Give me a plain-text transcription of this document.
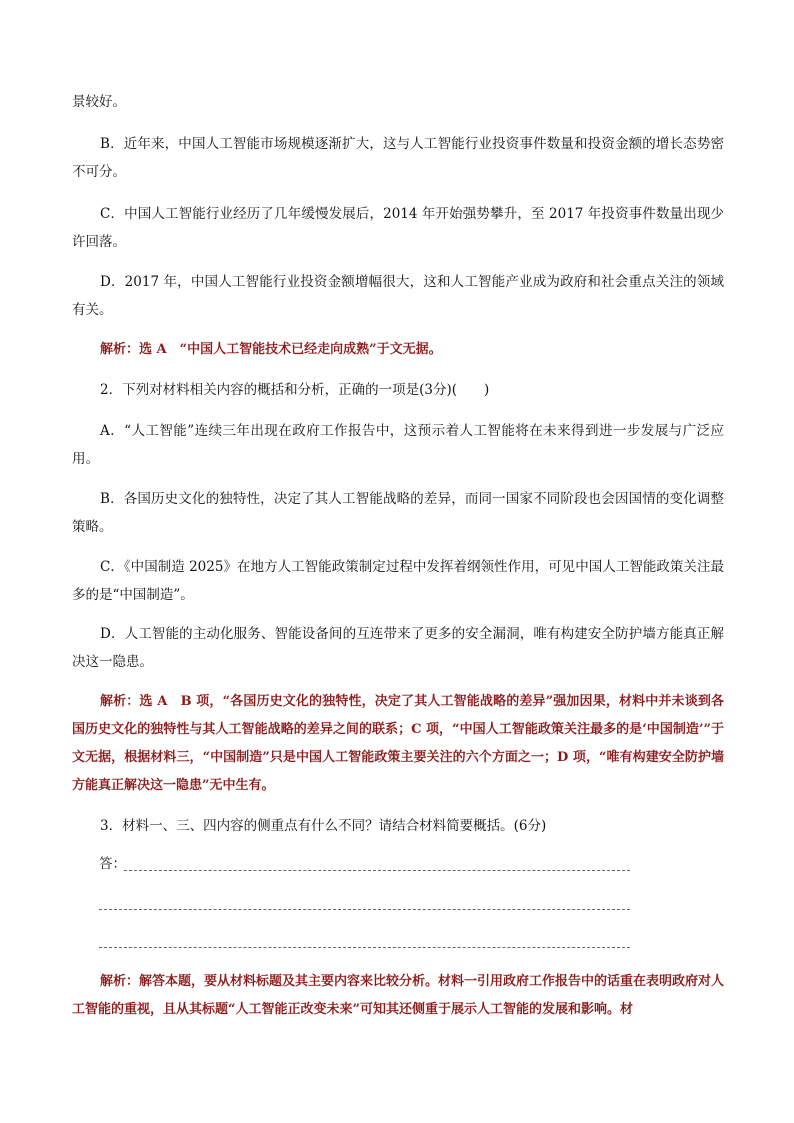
景较好。

B．近年来，中国人工智能市场规模逐渐扩大，这与人工智能行业投资事件数量和投资金额的增长态势密不可分。

C．中国人工智能行业经历了几年缓慢发展后，2014 年开始强势攀升，至 2017 年投资事件数量出现少许回落。

D．2017 年，中国人工智能行业投资金额增幅很大，这和人工智能产业成为政府和社会重点关注的领域有关。

解析：选 A　“中国人工智能技术已经走向成熟”于文无据。

2．下列对材料相关内容的概括和分析，正确的一项是(3分)(　　)

A．“人工智能”连续三年出现在政府工作报告中，这预示着人工智能将在未来得到进一步发展与广泛应用。

B．各国历史文化的独特性，决定了其人工智能战略的差异，而同一国家不同阶段也会因国情的变化调整策略。

C．《中国制造 2025》在地方人工智能政策制定过程中发挥着纲领性作用，可见中国人工智能政策关注最多的是“中国制造”。

D．人工智能的主动化服务、智能设备间的互连带来了更多的安全漏洞，唯有构建安全防护墙方能真正解决这一隐患。

解析：选 A　B 项，“各国历史文化的独特性，决定了其人工智能战略的差异”强加因果，材料中并未谈到各国历史文化的独特性与其人工智能战略的差异之间的联系；C 项，“中国人工智能政策关注最多的是‘中国制造’”于文无据，根据材料三，“中国制造”只是中国人工智能政策主要关注的六个方面之一；D 项，“唯有构建安全防护墙方能真正解决这一隐患”无中生有。

3．材料一、三、四内容的侧重点有什么不同？请结合材料简要概括。(6分)

答：

解析：解答本题，要从材料标题及其主要内容来比较分析。材料一引用政府工作报告中的话重在表明政府对人工智能的重视，且从其标题“人工智能正改变未来”可知其还侧重于展示人工智能的发展和影响。材
